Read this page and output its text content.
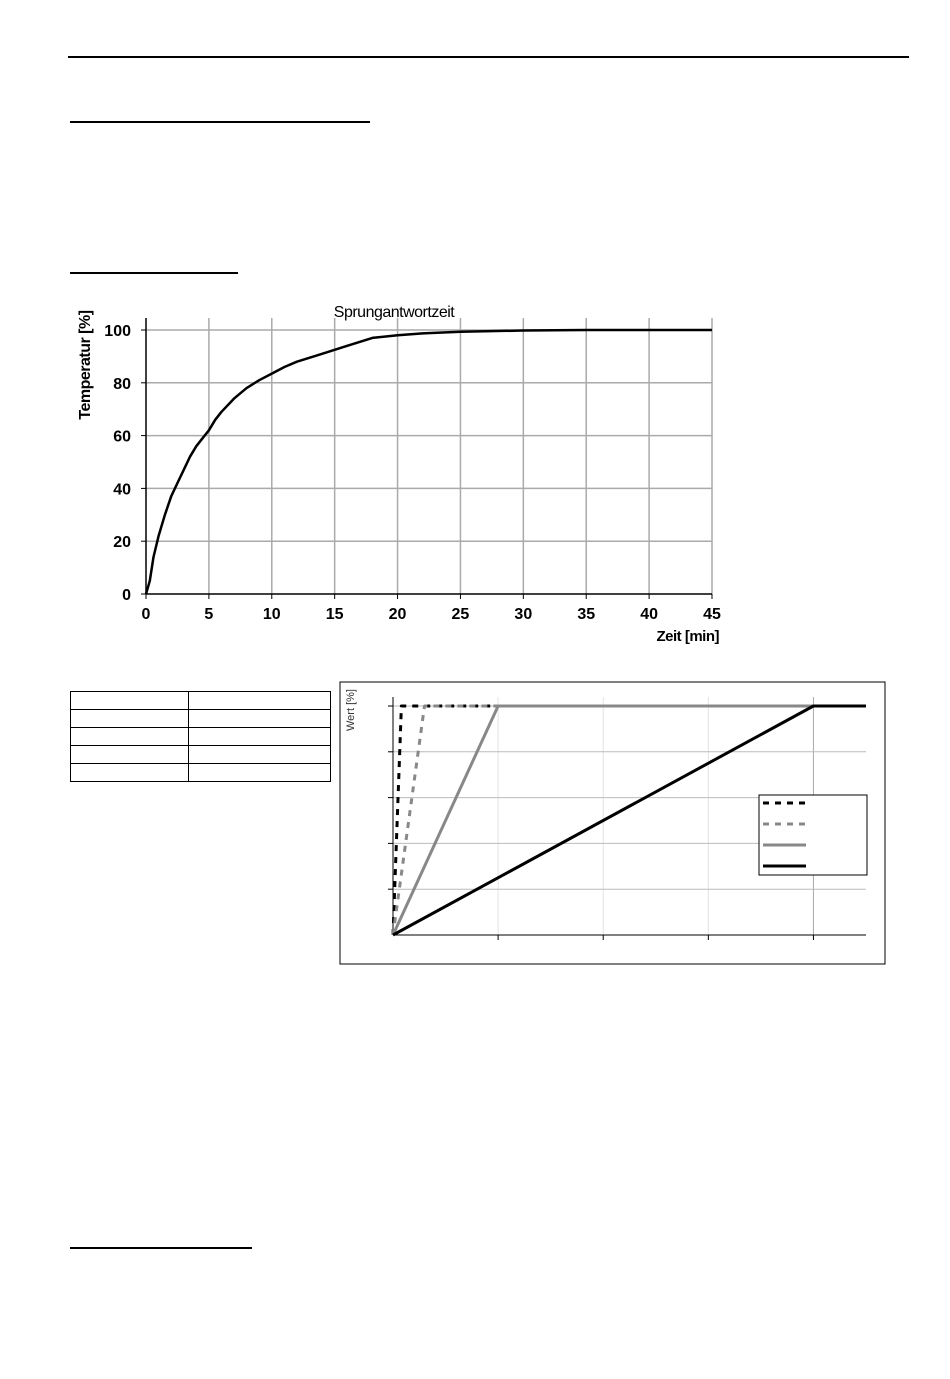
0	5	10	15	20	25	30	35	40	45
0
20
40
60
80
100
Sprungantwortzeit
Zeit [min]
Temperatur [%]

Wert [%]
